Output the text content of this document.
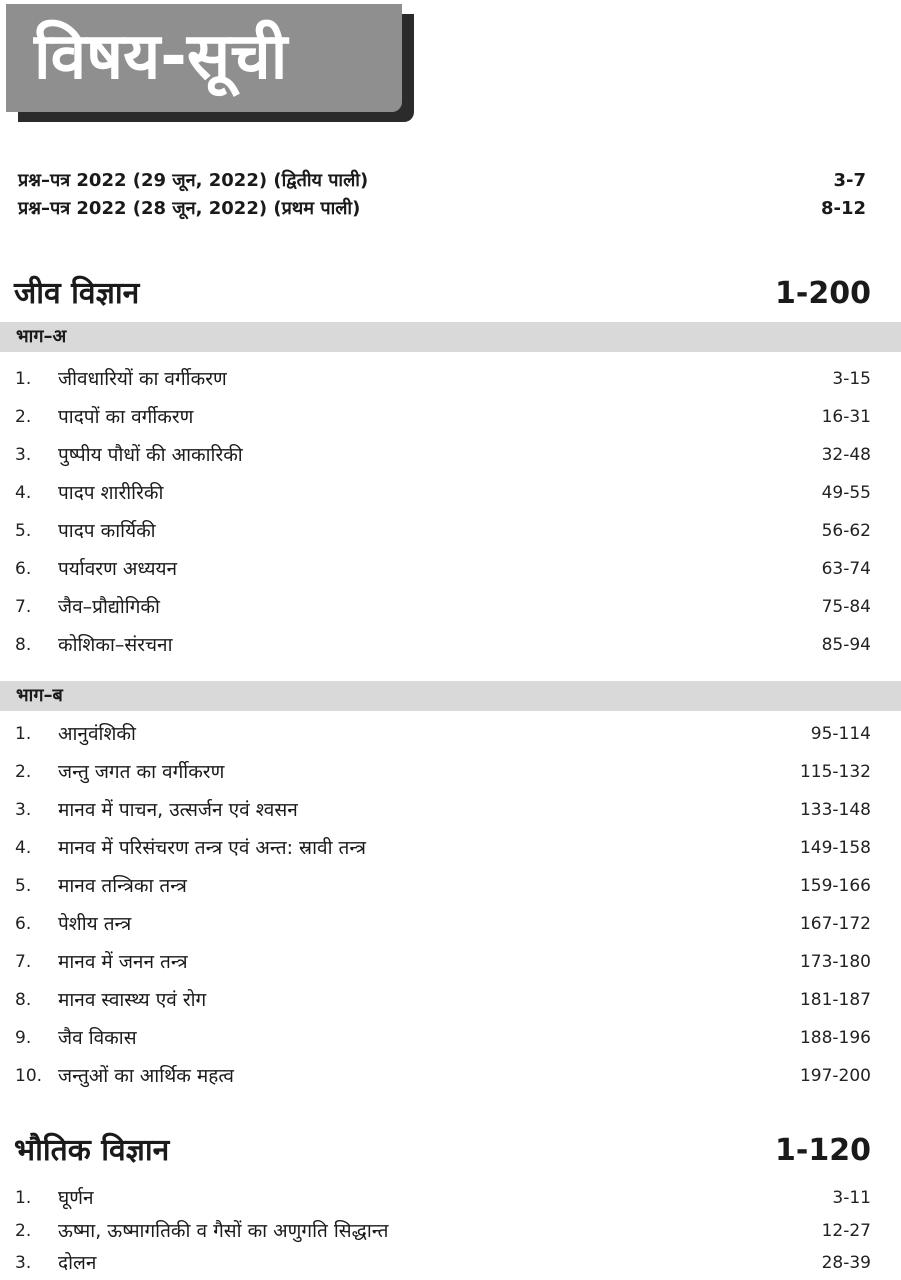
विषय-सूची
प्रश्न–पत्र 2022 (29 जून, 2022) (द्वितीय पाली)	3-7
प्रश्न–पत्र 2022 (28 जून, 2022) (प्रथम पाली)	8-12
जीव विज्ञान	1-200
भाग–अ
1. जीवधारियों का वर्गीकरण	3-15
2. पादपों का वर्गीकरण	16-31
3. पुष्पीय पौधों की आकारिकी	32-48
4. पादप शारीरिकी	49-55
5. पादप कार्यिकी	56-62
6. पर्यावरण अध्ययन	63-74
7. जैव–प्रौद्योगिकी	75-84
8. कोशिका–संरचना	85-94
भाग–ब
1. आनुवंशिकी	95-114
2. जन्तु जगत का वर्गीकरण	115-132
3. मानव में पाचन, उत्सर्जन एवं श्वसन	133-148
4. मानव में परिसंचरण तन्त्र एवं अन्त: स्रावी तन्त्र	149-158
5. मानव तन्त्रिका तन्त्र	159-166
6. पेशीय तन्त्र	167-172
7. मानव में जनन तन्त्र	173-180
8. मानव स्वास्थ्य एवं रोग	181-187
9. जैव विकास	188-196
10. जन्तुओं का आर्थिक महत्व	197-200
भौतिक विज्ञान	1-120
1. घूर्णन	3-11
2. ऊष्मा, ऊष्मागतिकी व गैसों का अणुगति सिद्धान्त	12-27
3. दोलन	28-39
